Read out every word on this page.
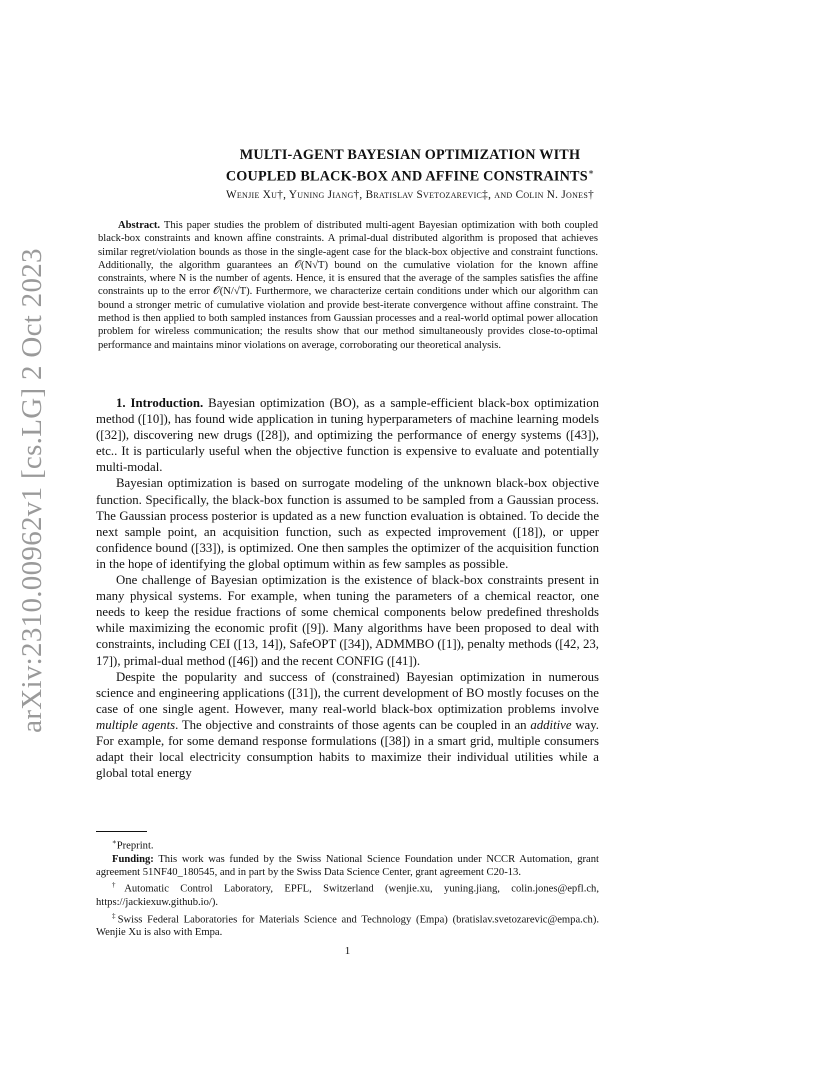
arXiv:2310.00962v1 [cs.LG] 2 Oct 2023
MULTI-AGENT BAYESIAN OPTIMIZATION WITH
COUPLED BLACK-BOX AND AFFINE CONSTRAINTS∗
Wenjie Xu†, Yuning Jiang†, Bratislav Svetozarevic‡, and Colin N. Jones†
Abstract. This paper studies the problem of distributed multi-agent Bayesian optimization with both coupled black-box constraints and known affine constraints. A primal-dual distributed algorithm is proposed that achieves similar regret/violation bounds as those in the single-agent case for the black-box objective and constraint functions. Additionally, the algorithm guarantees an 𝒪(N√T) bound on the cumulative violation for the known affine constraints, where N is the number of agents. Hence, it is ensured that the average of the samples satisfies the affine constraints up to the error 𝒪(N/√T). Furthermore, we characterize certain conditions under which our algorithm can bound a stronger metric of cumulative violation and provide best-iterate convergence without affine constraint. The method is then applied to both sampled instances from Gaussian processes and a real-world optimal power allocation problem for wireless communication; the results show that our method simultaneously provides close-to-optimal performance and maintains minor violations on average, corroborating our theoretical analysis.

1. Introduction. Bayesian optimization (BO), as a sample-efficient black-box optimization method ([10]), has found wide application in tuning hyperparameters of machine learning models ([32]), discovering new drugs ([28]), and optimizing the performance of energy systems ([43]), etc.. It is particularly useful when the objective function is expensive to evaluate and potentially multi-modal.

Bayesian optimization is based on surrogate modeling of the unknown black-box objective function. Specifically, the black-box function is assumed to be sampled from a Gaussian process. The Gaussian process posterior is updated as a new function evaluation is obtained. To decide the next sample point, an acquisition function, such as expected improvement ([18]), or upper confidence bound ([33]), is optimized. One then samples the optimizer of the acquisition function in the hope of identifying the global optimum within as few samples as possible.

One challenge of Bayesian optimization is the existence of black-box constraints present in many physical systems. For example, when tuning the parameters of a chemical reactor, one needs to keep the residue fractions of some chemical components below predefined thresholds while maximizing the economic profit ([9]). Many algorithms have been proposed to deal with constraints, including CEI ([13, 14]), SafeOPT ([34]), ADMMBO ([1]), penalty methods ([42, 23, 17]), primal-dual method ([46]) and the recent CONFIG ([41]).

Despite the popularity and success of (constrained) Bayesian optimization in numerous science and engineering applications ([31]), the current development of BO mostly focuses on the case of one single agent. However, many real-world black-box optimization problems involve multiple agents. The objective and constraints of those agents can be coupled in an additive way. For example, for some demand response formulations ([38]) in a smart grid, multiple consumers adapt their local electricity consumption habits to maximize their individual utilities while a global total energy

∗Preprint.

Funding: This work was funded by the Swiss National Science Foundation under NCCR Automation, grant agreement 51NF40_180545, and in part by the Swiss Data Science Center, grant agreement C20-13.

†Automatic Control Laboratory, EPFL, Switzerland (wenjie.xu, yuning.jiang, colin.jones@epfl.ch, https://jackiexuw.github.io/).

‡Swiss Federal Laboratories for Materials Science and Technology (Empa) (bratislav.svetozarevic@empa.ch). Wenjie Xu is also with Empa.

1
